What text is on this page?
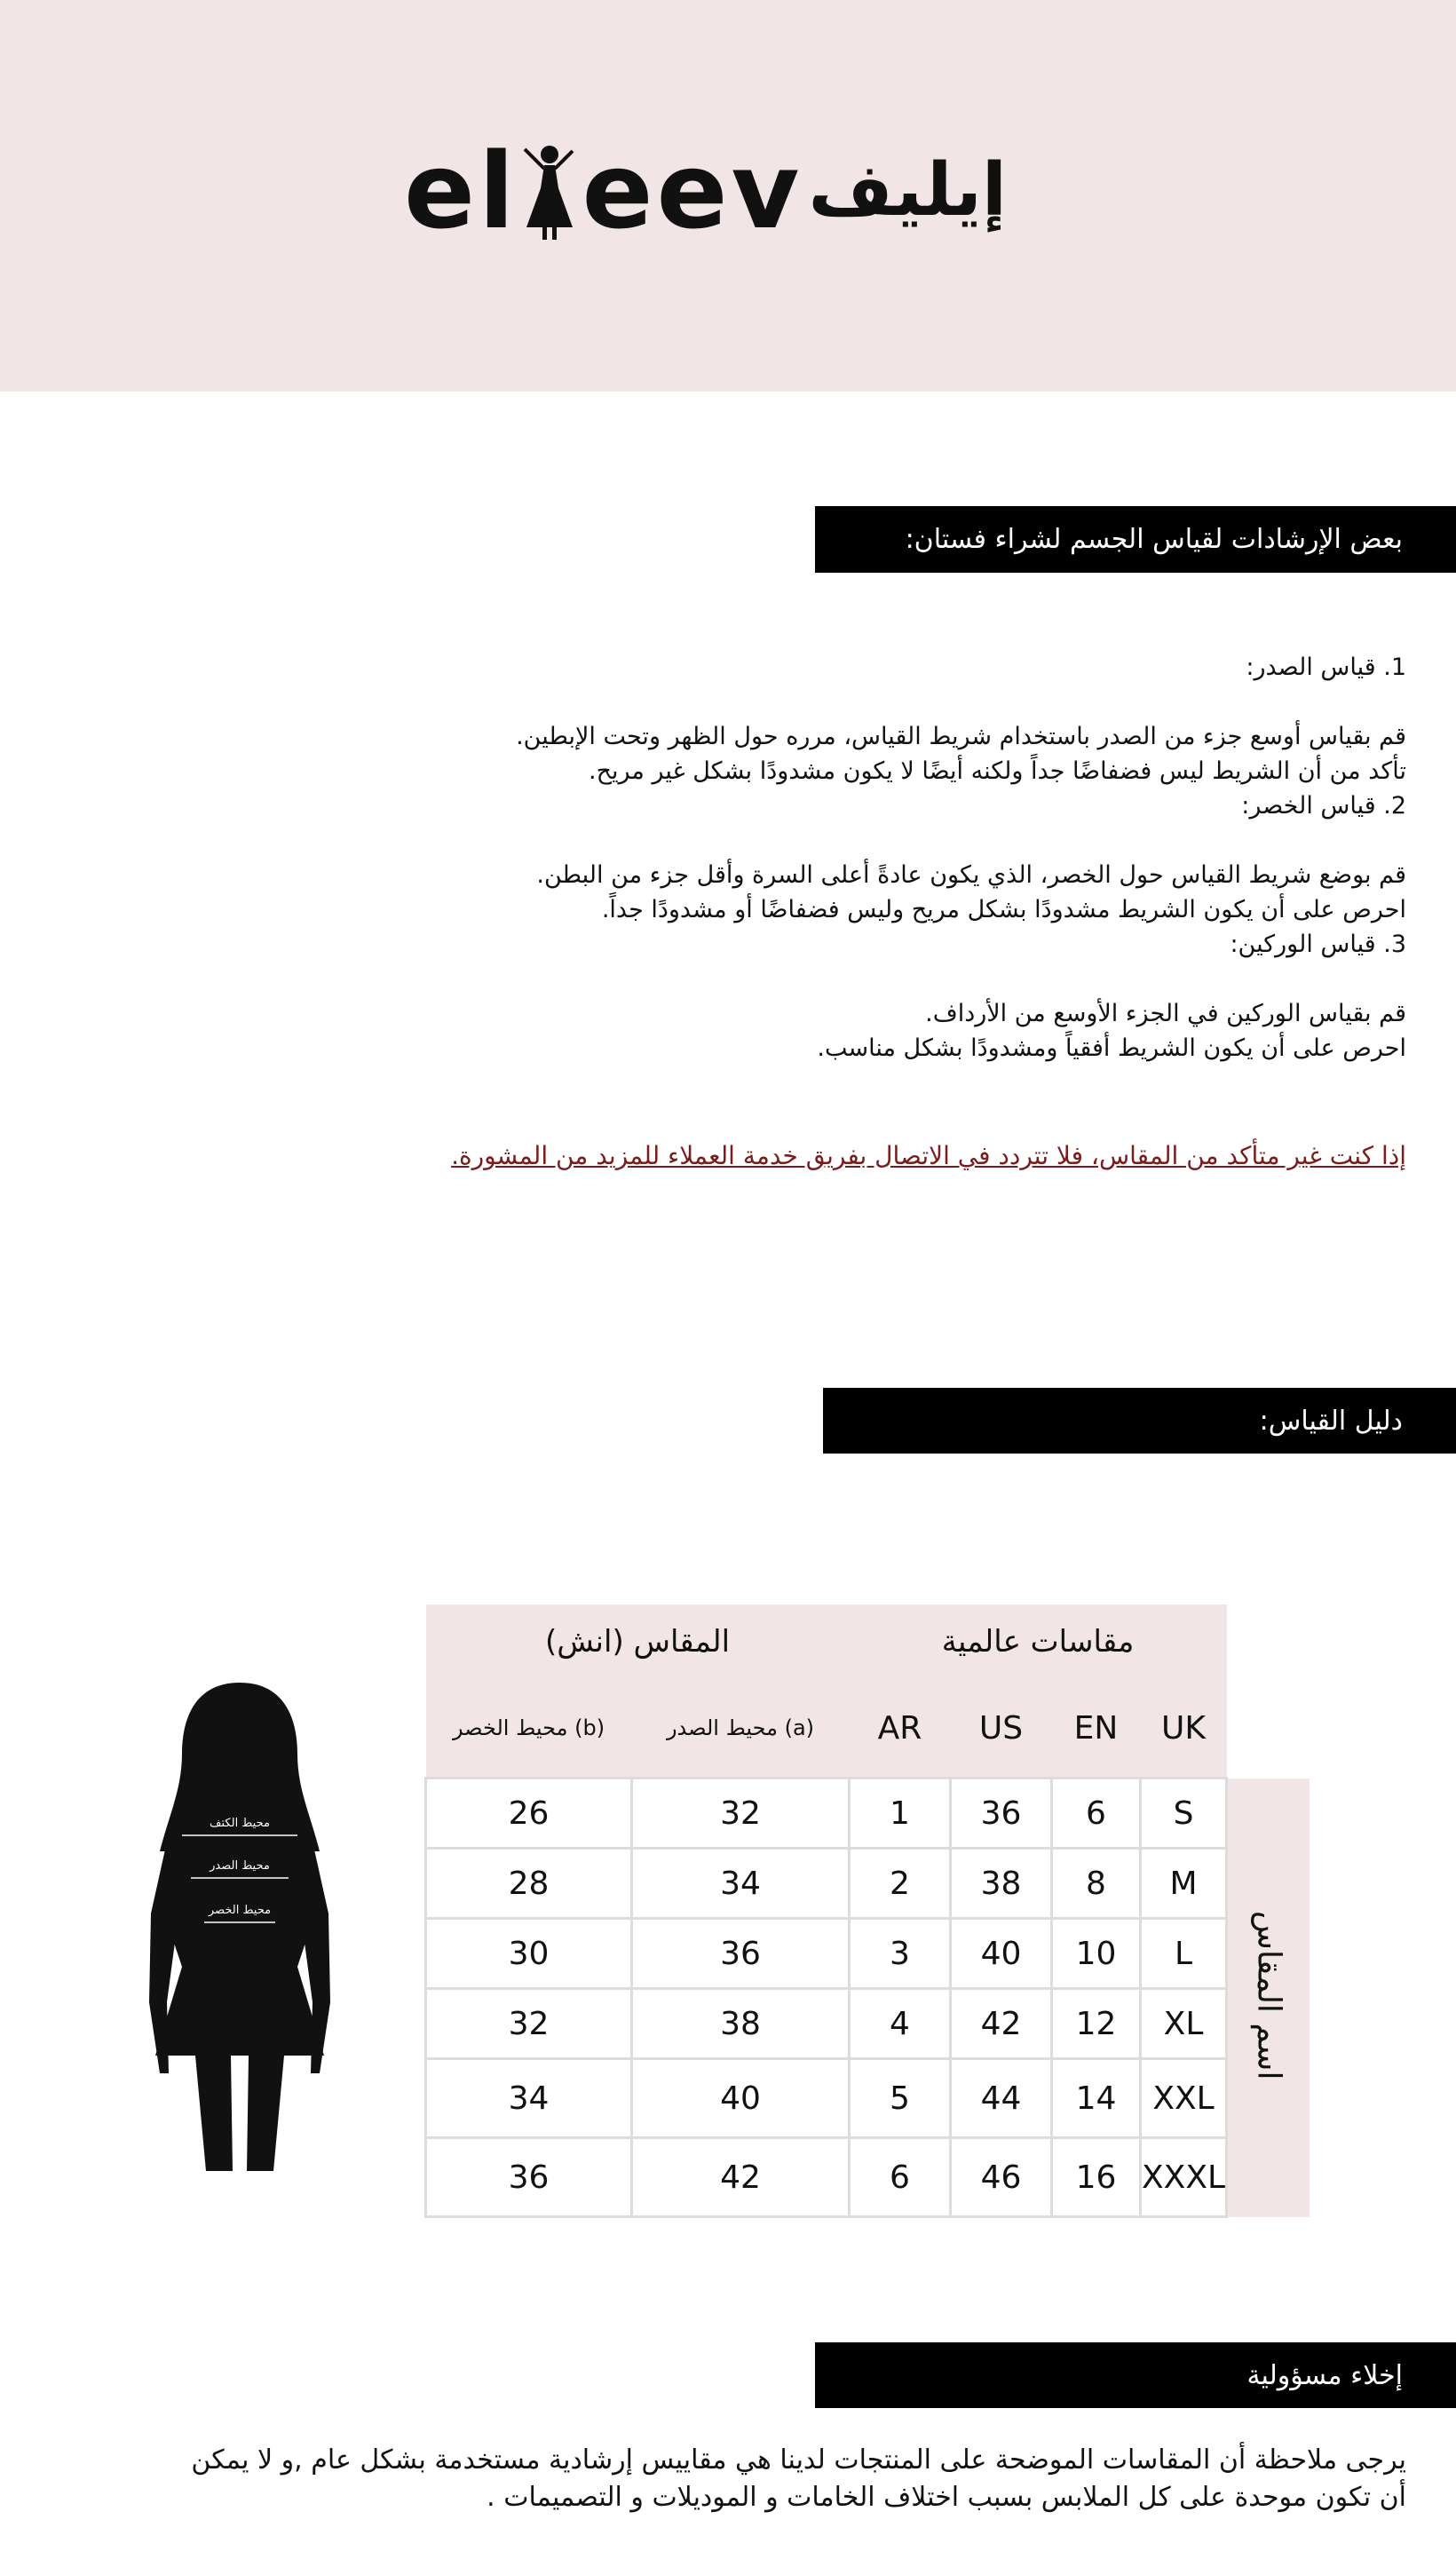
el eev إيليف
بعض الإرشادات لقياس الجسم لشراء فستان:
1. قياس الصدر:
قم بقياس أوسع جزء من الصدر باستخدام شريط القياس، مرره حول الظهر وتحت الإبطين.
تأكد من أن الشريط ليس فضفاضًا جداً ولكنه أيضًا لا يكون مشدودًا بشكل غير مريح.
2. قياس الخصر:
قم بوضع شريط القياس حول الخصر، الذي يكون عادةً أعلى السرة وأقل جزء من البطن.
احرص على أن يكون الشريط مشدودًا بشكل مريح وليس فضفاضًا أو مشدودًا جداً.
3. قياس الوركين:
قم بقياس الوركين في الجزء الأوسع من الأرداف.
احرص على أن يكون الشريط أفقياً ومشدودًا بشكل مناسب.
إذا كنت غير متأكد من المقاس، فلا تتردد في الاتصال بفريق خدمة العملاء للمزيد من المشورة.
دليل القياس:
محيط الكتف
محيط الصدر
محيط الخصر
المقاس (انش)		مقاسات عالمية				
محيط الخصر (b)	محيط الصدر (a)	AR	US	EN	UK	
26	32	1	36	6	S	اسم المقاس
28	34	2	38	8	M	
30	36	3	40	10	L	
32	38	4	42	12	XL	
34	40	5	44	14	XXL	
36	42	6	46	16	XXXL	
إخلاء مسؤولية
يرجى ملاحظة أن المقاسات الموضحة على المنتجات لدينا هي مقاييس إرشادية مستخدمة بشكل عام ,و لا يمكن
أن تكون موحدة على كل الملابس بسبب اختلاف الخامات و الموديلات و التصميمات .
